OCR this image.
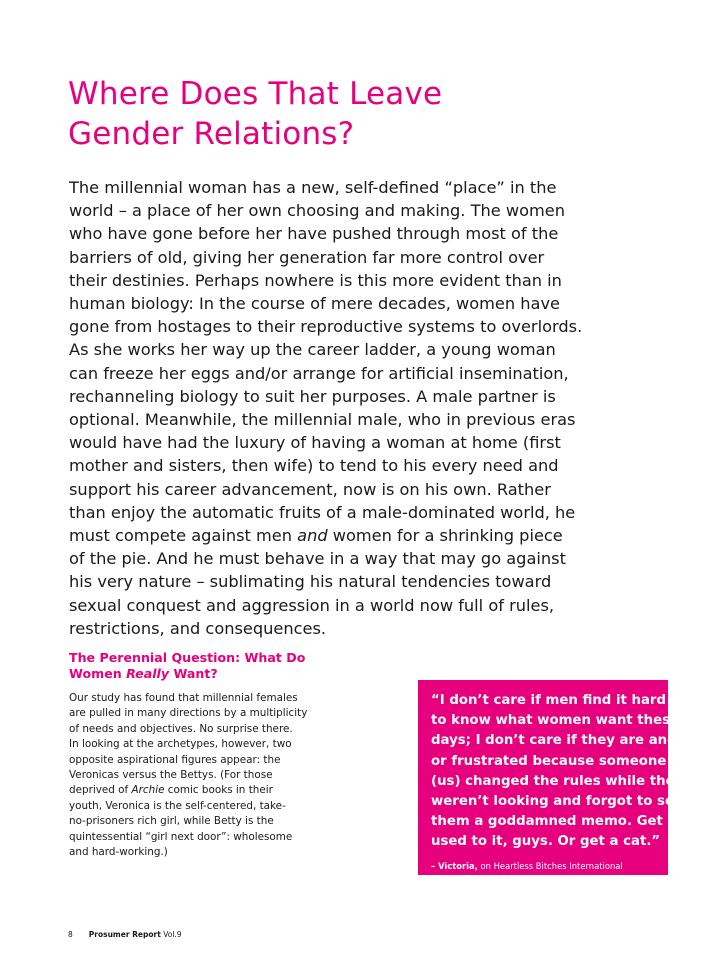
Where Does That Leave
Gender Relations?

The millennial woman has a new, self-defined “place” in the
world – a place of her own choosing and making. The women
who have gone before her have pushed through most of the
barriers of old, giving her generation far more control over
their destinies. Perhaps nowhere is this more evident than in
human biology: In the course of mere decades, women have
gone from hostages to their reproductive systems to overlords.
As she works her way up the career ladder, a young woman
can freeze her eggs and/or arrange for artificial insemination,
rechanneling biology to suit her purposes. A male partner is
optional. Meanwhile, the millennial male, who in previous eras
would have had the luxury of having a woman at home (first
mother and sisters, then wife) to tend to his every need and
support his career advancement, now is on his own. Rather
than enjoy the automatic fruits of a male-dominated world, he
must compete against men and women for a shrinking piece
of the pie. And he must behave in a way that may go against
his very nature – sublimating his natural tendencies toward
sexual conquest and aggression in a world now full of rules,
restrictions, and consequences.

The Perennial Question: What Do
Women Really Want?

Our study has found that millennial females
are pulled in many directions by a multiplicity
of needs and objectives. No surprise there.
In looking at the archetypes, however, two
opposite aspirational figures appear: the
Veronicas versus the Bettys. (For those
deprived of Archie comic books in their
youth, Veronica is the self-centered, take-
no-prisoners rich girl, while Betty is the
quintessential “girl next door”: wholesome
and hard-working.)

“I don’t care if men find it hard
to know what women want these
days; I don’t care if they are angry
or frustrated because someone
(us) changed the rules while they
weren’t looking and forgot to send
them a goddamned memo. Get
used to it, guys. Or get a cat.”

– Victoria, on Heartless Bitches International
8 Prosumer Report Vol.9
